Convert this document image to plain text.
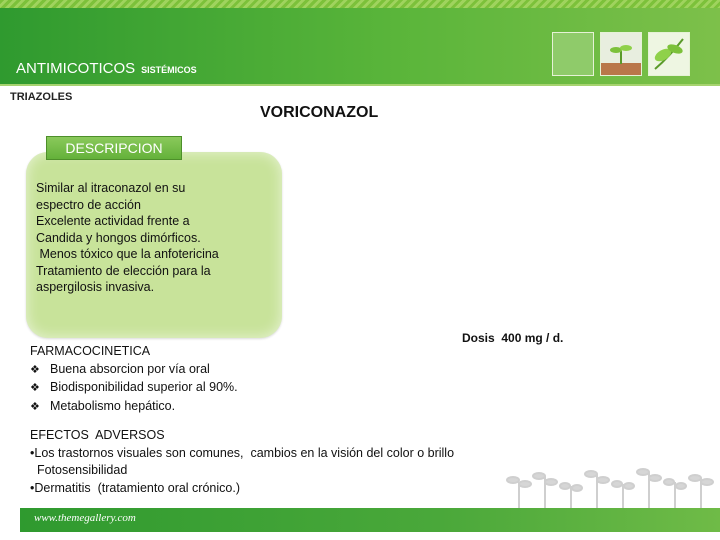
ANTIMICOTICOS SISTÉMICOS
TRIAZOLES
VORICONAZOL
DESCRIPCION
Similar al itraconazol en su
espectro de acción
Excelente actividad frente a
Candida y hongos dimórficos.
Menos tóxico que la anfotericina
Tratamiento de elección para la
aspergilosis invasiva.
Dosis  400 mg / d.
FARMACOCINETICA
❖ Buena absorcion por vía oral
❖ Biodisponibilidad superior al 90%.
❖ Metabolismo hepático.
EFECTOS  ADVERSOS
•Los trastornos visuales son comunes,  cambios en la visión del color o brillo
Fotosensibilidad
•Dermatitis  (tratamiento oral crónico.)
www.themegallery.com
